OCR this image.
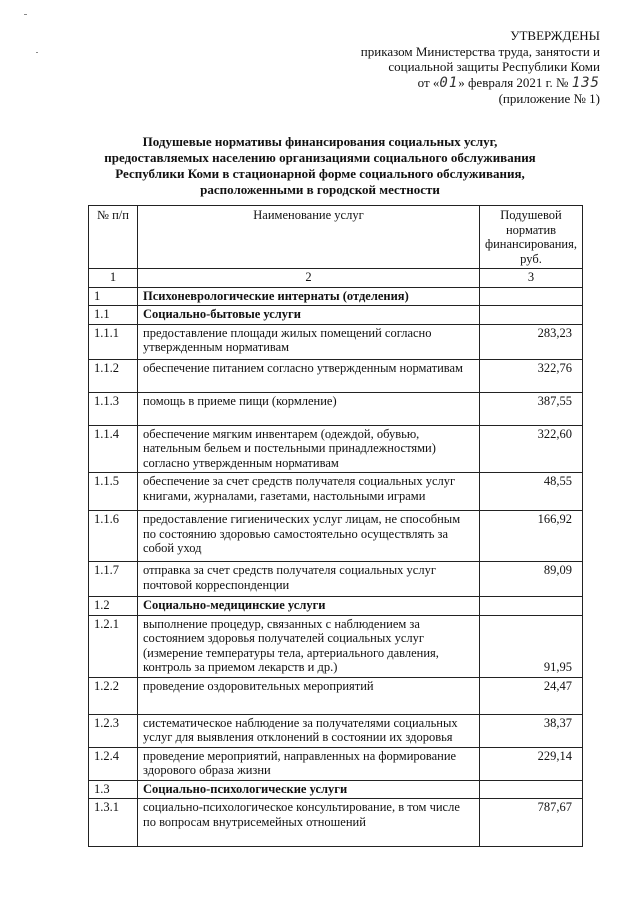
УТВЕРЖДЕНЫ
приказом Министерства труда, занятости и
социальной защиты Республики Коми
от «01» февраля 2021 г. № 135
(приложение № 1)
Подушевые нормативы финансирования социальных услуг,
предоставляемых населению организациями социального обслуживания
Республики Коми в стационарной форме социального обслуживания,
расположенными в городской местности
№ п/п	Наименование услуг	Подушевой норматив финансирования, руб.
1	2	3
1	Психоневрологические интернаты (отделения)	
1.1	Социально-бытовые услуги	
1.1.1	предоставление площади жилых помещений согласно утвержденным нормативам	283,23
1.1.2	обеспечение питанием согласно утвержденным нормативам	322,76
1.1.3	помощь в приеме пищи (кормление)	387,55
1.1.4	обеспечение мягким инвентарем (одеждой, обувью, нательным бельем и постельными принадлежностями) согласно утвержденным нормативам	322,60
1.1.5	обеспечение за счет средств получателя социальных услуг книгами, журналами, газетами, настольными играми	48,55
1.1.6	предоставление гигиенических услуг лицам, не способным по состоянию здоровью самостоятельно осуществлять за собой уход	166,92
1.1.7	отправка за счет средств получателя социальных услуг почтовой корреспонденции	89,09
1.2	Социально-медицинские услуги	
1.2.1	выполнение процедур, связанных с наблюдением за состоянием здоровья получателей социальных услуг (измерение температуры тела, артериального давления, контроль за приемом лекарств и др.)	91,95
1.2.2	проведение оздоровительных мероприятий	24,47
1.2.3	систематическое наблюдение за получателями социальных услуг для выявления отклонений в состоянии их здоровья	38,37
1.2.4	проведение мероприятий, направленных на формирование здорового образа жизни	229,14
1.3	Социально-психологические услуги	
1.3.1	социально-психологическое консультирование, в том числе по вопросам внутрисемейных отношений	787,67
